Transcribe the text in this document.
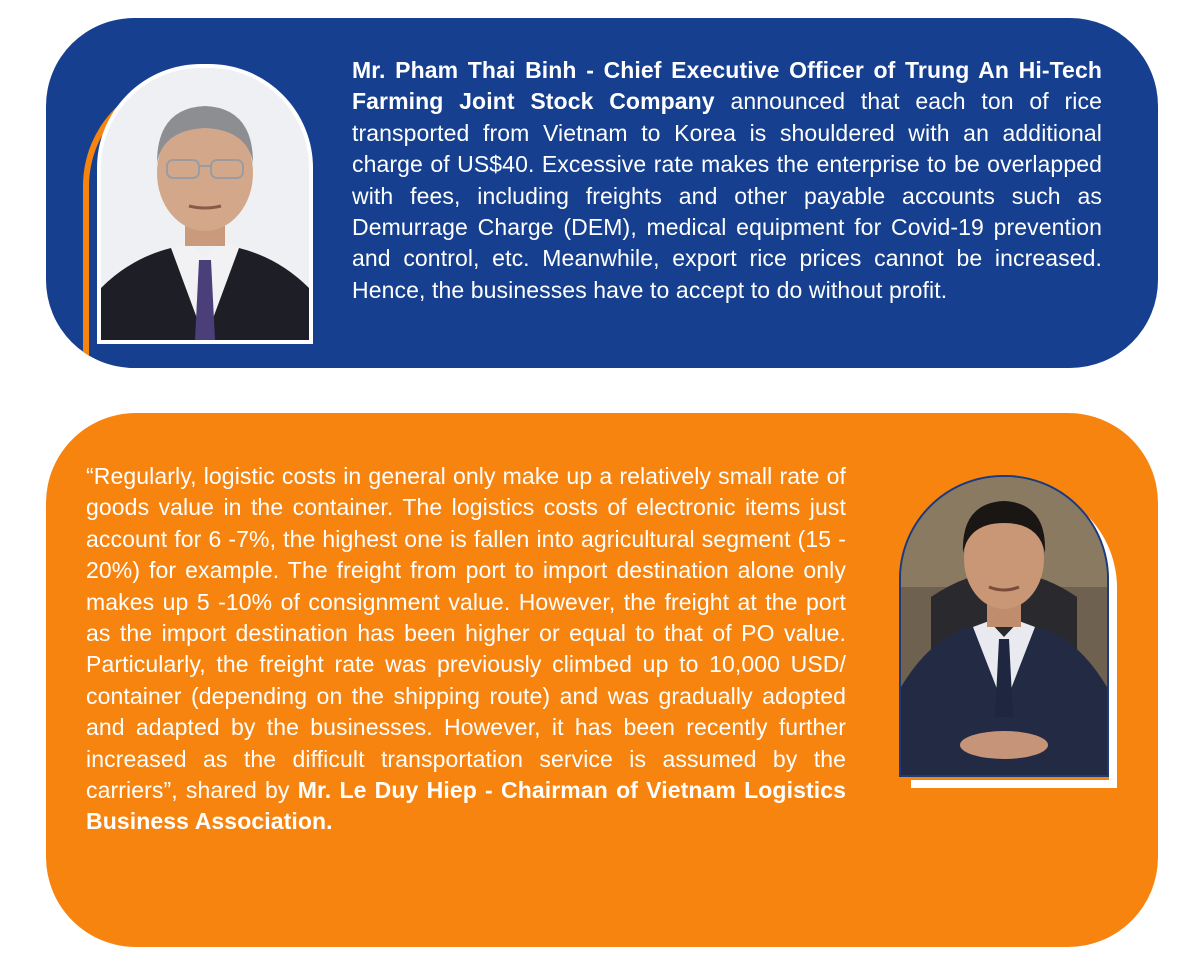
Mr. Pham Thai Binh - Chief Executive Officer of Trung An Hi-Tech Farming Joint Stock Company announced that each ton of rice transported from Vietnam to Korea is shouldered with an additional charge of US$40. Excessive rate makes the enterprise to be overlapped with fees, including freights and other payable accounts such as Demurrage Charge (DEM), medical equipment for Covid-19 prevention and control, etc. Meanwhile, export rice prices cannot be increased. Hence, the businesses have to accept to do without profit.
“Regularly, logistic costs in general only make up a relatively small rate of goods value in the container. The logistics costs of electronic items just account for 6 -7%, the highest one is fallen into agricultural segment (15 - 20%) for example. The freight from port to import destination alone only makes up 5 -10% of consignment value. However, the freight at the port as the import destination has been higher or equal to that of PO value. Particularly, the freight rate was previously climbed up to 10,000 USD/ container (depending on the shipping route) and was gradually adopted and adapted by the businesses. However, it has been recently further increased as the difficult transportation service is assumed by the carriers”, shared by Mr. Le Duy Hiep - Chairman of Vietnam Logistics Business Association.
